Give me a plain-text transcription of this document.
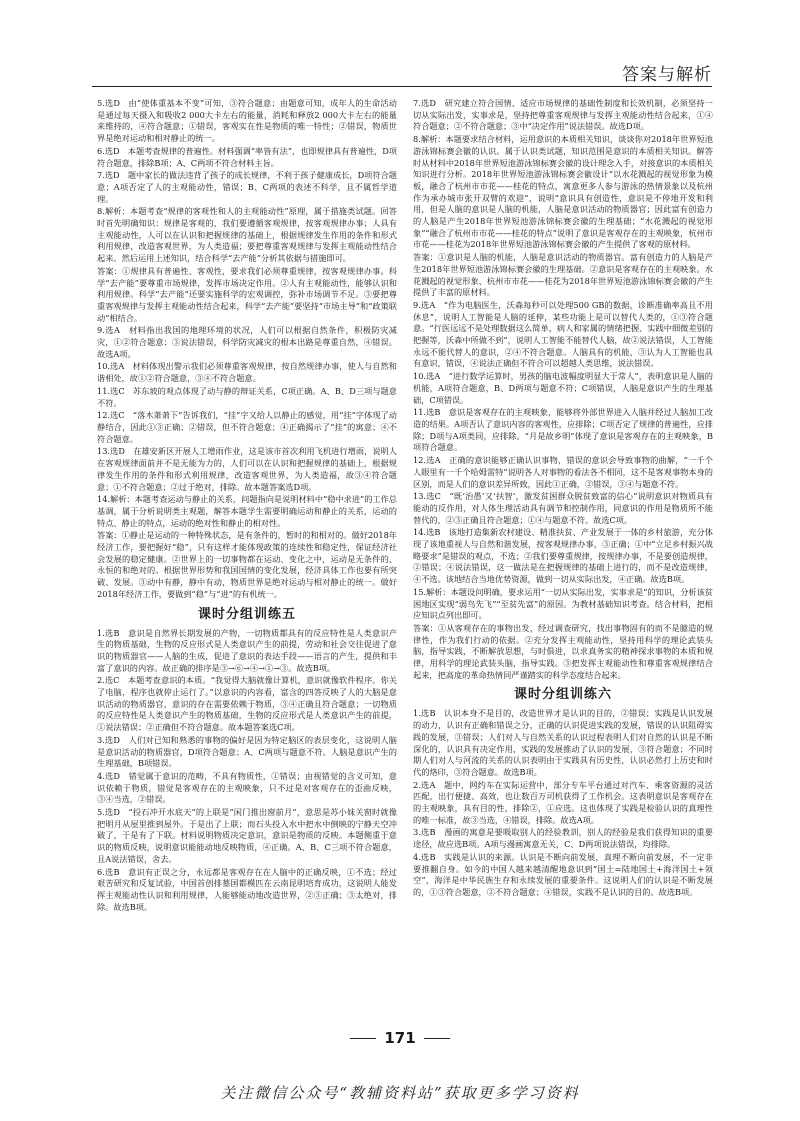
答案与解析
5.选D　由“使体重基本不变”可知，③符合题意；由题意可知，成年人的生命活动是通过每天摄入和吸收2 000大卡左右的能量，消耗和释放2 000大卡左右的能量来维持的，④符合题意；①错误，客观实在性是物质的唯一特性；②错误，物质世界是绝对运动和相对静止的统一。
6.选D　本题考查规律的普遍性。材料强调“率皆有法”，也即规律具有普遍性，D项符合题意，排除B项；A、C两项不符合材料主旨。
7.选D　题中家长的做法违背了孩子的成长规律，不利于孩子健康成长，D项符合题意；A项否定了人的主观能动性，错误；B、C两项的表述不科学，且不属哲学道理。
8.解析：本题考查“规律的客观性和人的主观能动性”原理，属于措施类试题。回答时首先明确知识：规律是客观的，我们要遵循客观规律，按客观规律办事；人具有主观能动性，人可以在认识和把握规律的基础上，根据规律发生作用的条件和形式利用规律，改造客观世界，为人类造福；要把尊重客观规律与发挥主观能动性结合起来。然后运用上述知识，结合科学“去产能”分析其依据与措施即可。
答案：①规律具有普遍性、客观性，要求我们必须尊重规律，按客观规律办事。科学“去产能”要尊重市场规律，发挥市场决定作用。②人有主观能动性，能够认识和利用规律。科学“去产能”还要实施科学的宏观调控，弥补市场调节不足。③要把尊重客观规律与发挥主观能动性结合起来，科学“去产能”要坚持“市场主导”和“政策联动”相结合。
9.选A　材料指出我国的地理环境的状况，人们可以根据自然条件，积极防灾减灾，①②符合题意；③说法错误，科学防灾减灾的根本出路是尊重自然，④错误。故选A项。
10.选A　材料体现出警示我们必须尊重客观规律，按自然规律办事，使人与自然和谐相处，故①②符合题意，③④不符合题意。
11.选C　苏东坡的观点体现了动与静的辩证关系，C项正确。A、B、D三项与题意不符。
12.选C　“落木萧萧下”告诉我们，“挂”字又给人以静止的感觉，用“挂”字体现了动静结合，因此①③正确；②错误，但不符合题意；④正确揭示了“挂”的寓意；④不符合题意。
13.选D　在雄安新区开展人工增雨作业，这是该市首次利用飞机进行增雨，说明人在客观规律面前并不是无能为力的，人们可以在认识和把握规律的基础上，根据规律发生作用的条件和形式利用规律，改造客观世界，为人类造福，故③④符合题意；①不符合题意；②过于绝对，排除。故本题答案选D项。
14.解析：本题考查运动与静止的关系，问题指向是说明材料中“稳中求进”的工作总基调，属于分析说明类主观题，解答本题学生需要明确运动和静止的关系，运动的特点、静止的特点，运动的绝对性和静止的相对性。
答案：①静止是运动的一种特殊状态，是有条件的，暂时的和相对的。做好2018年经济工作，要把握好“稳”，只有这样才能体现政策的连续性和稳定性，保证经济社会发展的稳定健康。②世界上的一切事物都在运动、变化之中，运动是无条件的、永恒的和绝对的。根据世界形势和我国国情的变化发展，经济具体工作也要有所突破、发展。③动中有静，静中有动，物质世界是绝对运动与相对静止的统一。做好2018年经济工作，要做到“稳”与“进”的有机统一。
课时分组训练五
1.选B　意识是自然界长期发展的产物，一切物质都具有的反应特性是人类意识产生的物质基础，生物的反应形式是人类意识产生的前提，劳动和社会交往促进了意识的物质器官——人脑的生成，促进了意识的表达手段——语言的产生，提供和丰富了意识的内容。故正确的排序是③→⑥→④→①→③。故选B项。
2.选C　本题考查意识的本质。“我觉得大脑就像计算机，意识就像软件程序。你关了电脑，程序也就停止运行了。”以意识的内容看，富含的四答反映了人的大脑是意识活动的物质器官，意识的存在需要依赖于物质，③④正确且符合题意；一切物质的反应特性是人类意识产生的物质基础，生物的反应形式是人类意识产生的前提，①说法错误；②正确但不符合题意。故本题答案选C项。
3.选D　人们对已知和熟悉的事物的偏好是因为特定脑区的表层变化，这说明人脑是意识活动的物质器官，D项符合题意；A、C两项与题意不符。人脑是意识产生的生理基础，B项错误。
4.选D　错觉属于意识的范畴，不具有物质性，①错误；由视错觉的含义可知，意识依赖于物质，错觉是客观存在的主观映象，只不过是对客观存在的歪曲反映，③④当选，②错误。
5.选D　“投石冲开水底天”的上联是“闲门推出窗前月”，意思是苏小妹关窗时就像把明月从屋里推到屋外。于是出了上联；而石头投入水中把水中倒映的宁静天空冲破了，于是有了下联。材料说明物质决定意识，意识是物质的反映。本题侧重于意识的物质反映，说明意识能能动地反映物质，④正确。A、B、C三项不符合题意，且A说法错误，舍去。
6.选B　意识有正误之分，永远都是客观存在在人脑中的正确反映，①不选；经过艰苦研究和反复试验，中国首创排墓国都模匹在云南昆明培育成功，这说明人能发挥主观能动性认识和利用规律，人能够能动地改造世界，②③正确；③太绝对，排除。故选B项。
7.选D　研究建立符合国情、适应市场规律的基础性制度和长效机制，必须坚持一切从实际出发，实事求是，坚持把尊重客观规律与发挥主观能动性结合起来，①④符合题意；②不符合题意；③中“决定作用”说法错误。故选D项。
8.解析：本题要求结合材料，运用意识的本质相关知识，谈谈你对2018年世界短池游泳锦标赛会徽的认识。属于认识类试题，知识范围是意识的本质相关知识。解答时从材料中2018年世界短池游泳锦标赛会徽的设计理念入手，对接意识的本质相关知识进行分析。2018年世界短池游泳锦标赛会徽设计“以水花溅起的视觉形象为模板，融合了杭州市市花——桂花的特点，寓意更多人参与游泳的热情景象以及杭州作为承办城市张开双臂的欢迎”，说明“意识具有创造性，意识是不停地开发和利用，但是人脑的意识是人脑的机能，人脑是意识活动的物质器官；因此富有创造力的人脑是产生2018年世界短池游泳锦标赛会徽的生理基础；“水花溅起的视觉形象”“融合了杭州市市花——桂花的特点”说明了意识是客观存在的主观映象，杭州市市花——桂花为2018年世界短池游泳锦标赛会徽的产生提供了客观的原材料。
答案：①意识是人脑的机能，人脑是意识活动的物质器官。富有创造力的人脑是产生2018年世界短池游泳锦标赛会徽的生理基础。②意识是客观存在的主观映象。水花溅起的视觉形象、杭州市市花——桂花为2018年世界短池游泳锦标赛会徽的产生提供了丰富的原材料。
9.选A　“作为电脑医生，沃森每秒可以处理500 GB的数据，诊断准确率高且不用休息”，说明人工智能是人脑的延伸，某些功能上是可以替代人类的，①③符合题意。“行医远远不是处理数据这么简单，病人和家属的情绪把握、实践中细微差别的把握等，沃森中所做不到”，说明人工智能不能替代人脑，故②说法错误，人工智能永远不能代替人的意识，②④不符合题意。人脑具有的机能，③认为人工智能也具有意识，错误，④说法正确但不符合可以超越人类思维，说法错误。
10.选A　“进行数学运算时，男孩的脑电波幅度明显大于常人”，表明意识是人脑的机能，A项符合题意，B、D两项与题意不符；C项错误，人脑是意识产生的生理基础，C项错误。
11.选B　意识是客观存在的主观映象，能够将外部世界进入人脑并经过人脑加工改造的结果。A项否认了意识内容的客观性，应排除；C项否定了规律的普遍性，应排除；D项与A项类同，应排除。“月是故乡明”体现了意识是客观存在的主观映象，B项符合题意。
12.选A　正确的意识能够正确认识事物，错误的意识会导致事物的曲解，“一千个人眼里有一千个哈姆雷特”说明各人对事物的看法各不相同，这不是客观事物本身的区别，而是人们的意识差异所致，因此①正确，②错误，③④与题意不符。
13.选C　“既‘治愚’又‘扶智’，激发贫困群众脱贫致富的信心”说明意识对物质具有能动的反作用，对人体生理活动具有调节和控制作用，同意识的作用是物质所不能替代的，②③正确且符合题意；①④与题意不符。故选C项。
14.选B　该地打造集新农村建设、精准扶贫、产业发展于一体的乡村旅游，充分体现了该地重视人与自然和谐发展，按客观规律办事，③正确；①中“立足乡村振兴战略要求”是错误的观点，不选；②我们要尊重规律，按规律办事，不是要创造规律，②错误；④说法错误，这一做法是在把握规律的基础上进行的，而不是改造规律，④不选。该地结合当地优势资源，做到一切从实际出发，④正确。故选B项。
15.解析：本题设问明确，要求运用“一切从实际出发，实事求是”的知识，分析该贫困地区实现“弱鸟先飞”“至贫先富”的原因。为教材基础知识考查。结合材料，把相应知识点列出即可。
答案：①从客观存在的事物出发，经过调查研究，找出事物固有的而不是臆造的规律性，作为我们行动的依据。②充分发挥主观能动性，坚持用科学的理论武装头脑，指导实践，不断解放思想，与时俱进，以求真务实的精神探求事物的本质和规律，用科学的理论武装头脑，指导实践。③把发挥主观能动性和尊重客观规律结合起来，把高度的革命热情同严谨踏实的科学态度结合起来。
课时分组训练六
1.选B　认识本身不是目的，改造世界才是认识的目的，②错误；实践是认识发展的动力，认识有正确和错误之分，正确的认识促进实践的发展，错误的认识阻碍实践的发展，③错误；人们对人与自然关系的认识过程表明人们对自然的认识是不断深化的，认识具有决定作用，实践的发展推动了认识的发展，③符合题意；不同时期人们对人与河流的关系的认识表明由于实践具有历史性，认识必然打上历史和时代的烙印，③符合题意。故选B项。
2.选A　题中，网约车在实际运营中，部分专车平台通过对汽车、乘客资源的灵活匹配，出行便捷、高效，也让数百万司机获得了工作机会。这表明意识是客观存在的主观映象，具有目的性，排除②，①应选。这也体现了实践是检验认识的真理性的唯一标准，故③当选，④错误，排除。故选A项。
3.选B　漫画的寓意是要吸取别人的经验教训，别人的经验是我们获得知识的重要途径，故应选B项。A项与漫画寓意无关，C、D两项说法错误，均排除。
4.选B　实践是认识的来源。认识是不断向前发展，真理不断向前发展，不一定非要推翻自身。如今的中国人越来越清醒地意识到“国土=陆地国土+海洋国土+领空”，海洋是中华民族生存和永续发展的重要条件。这说明人们的认识是不断发展的，①③符合题意，②不符合题意；④错误，实践不是认识的目的。故选B项。
171
关注微信公众号“教辅资料站”获取更多学习资料
